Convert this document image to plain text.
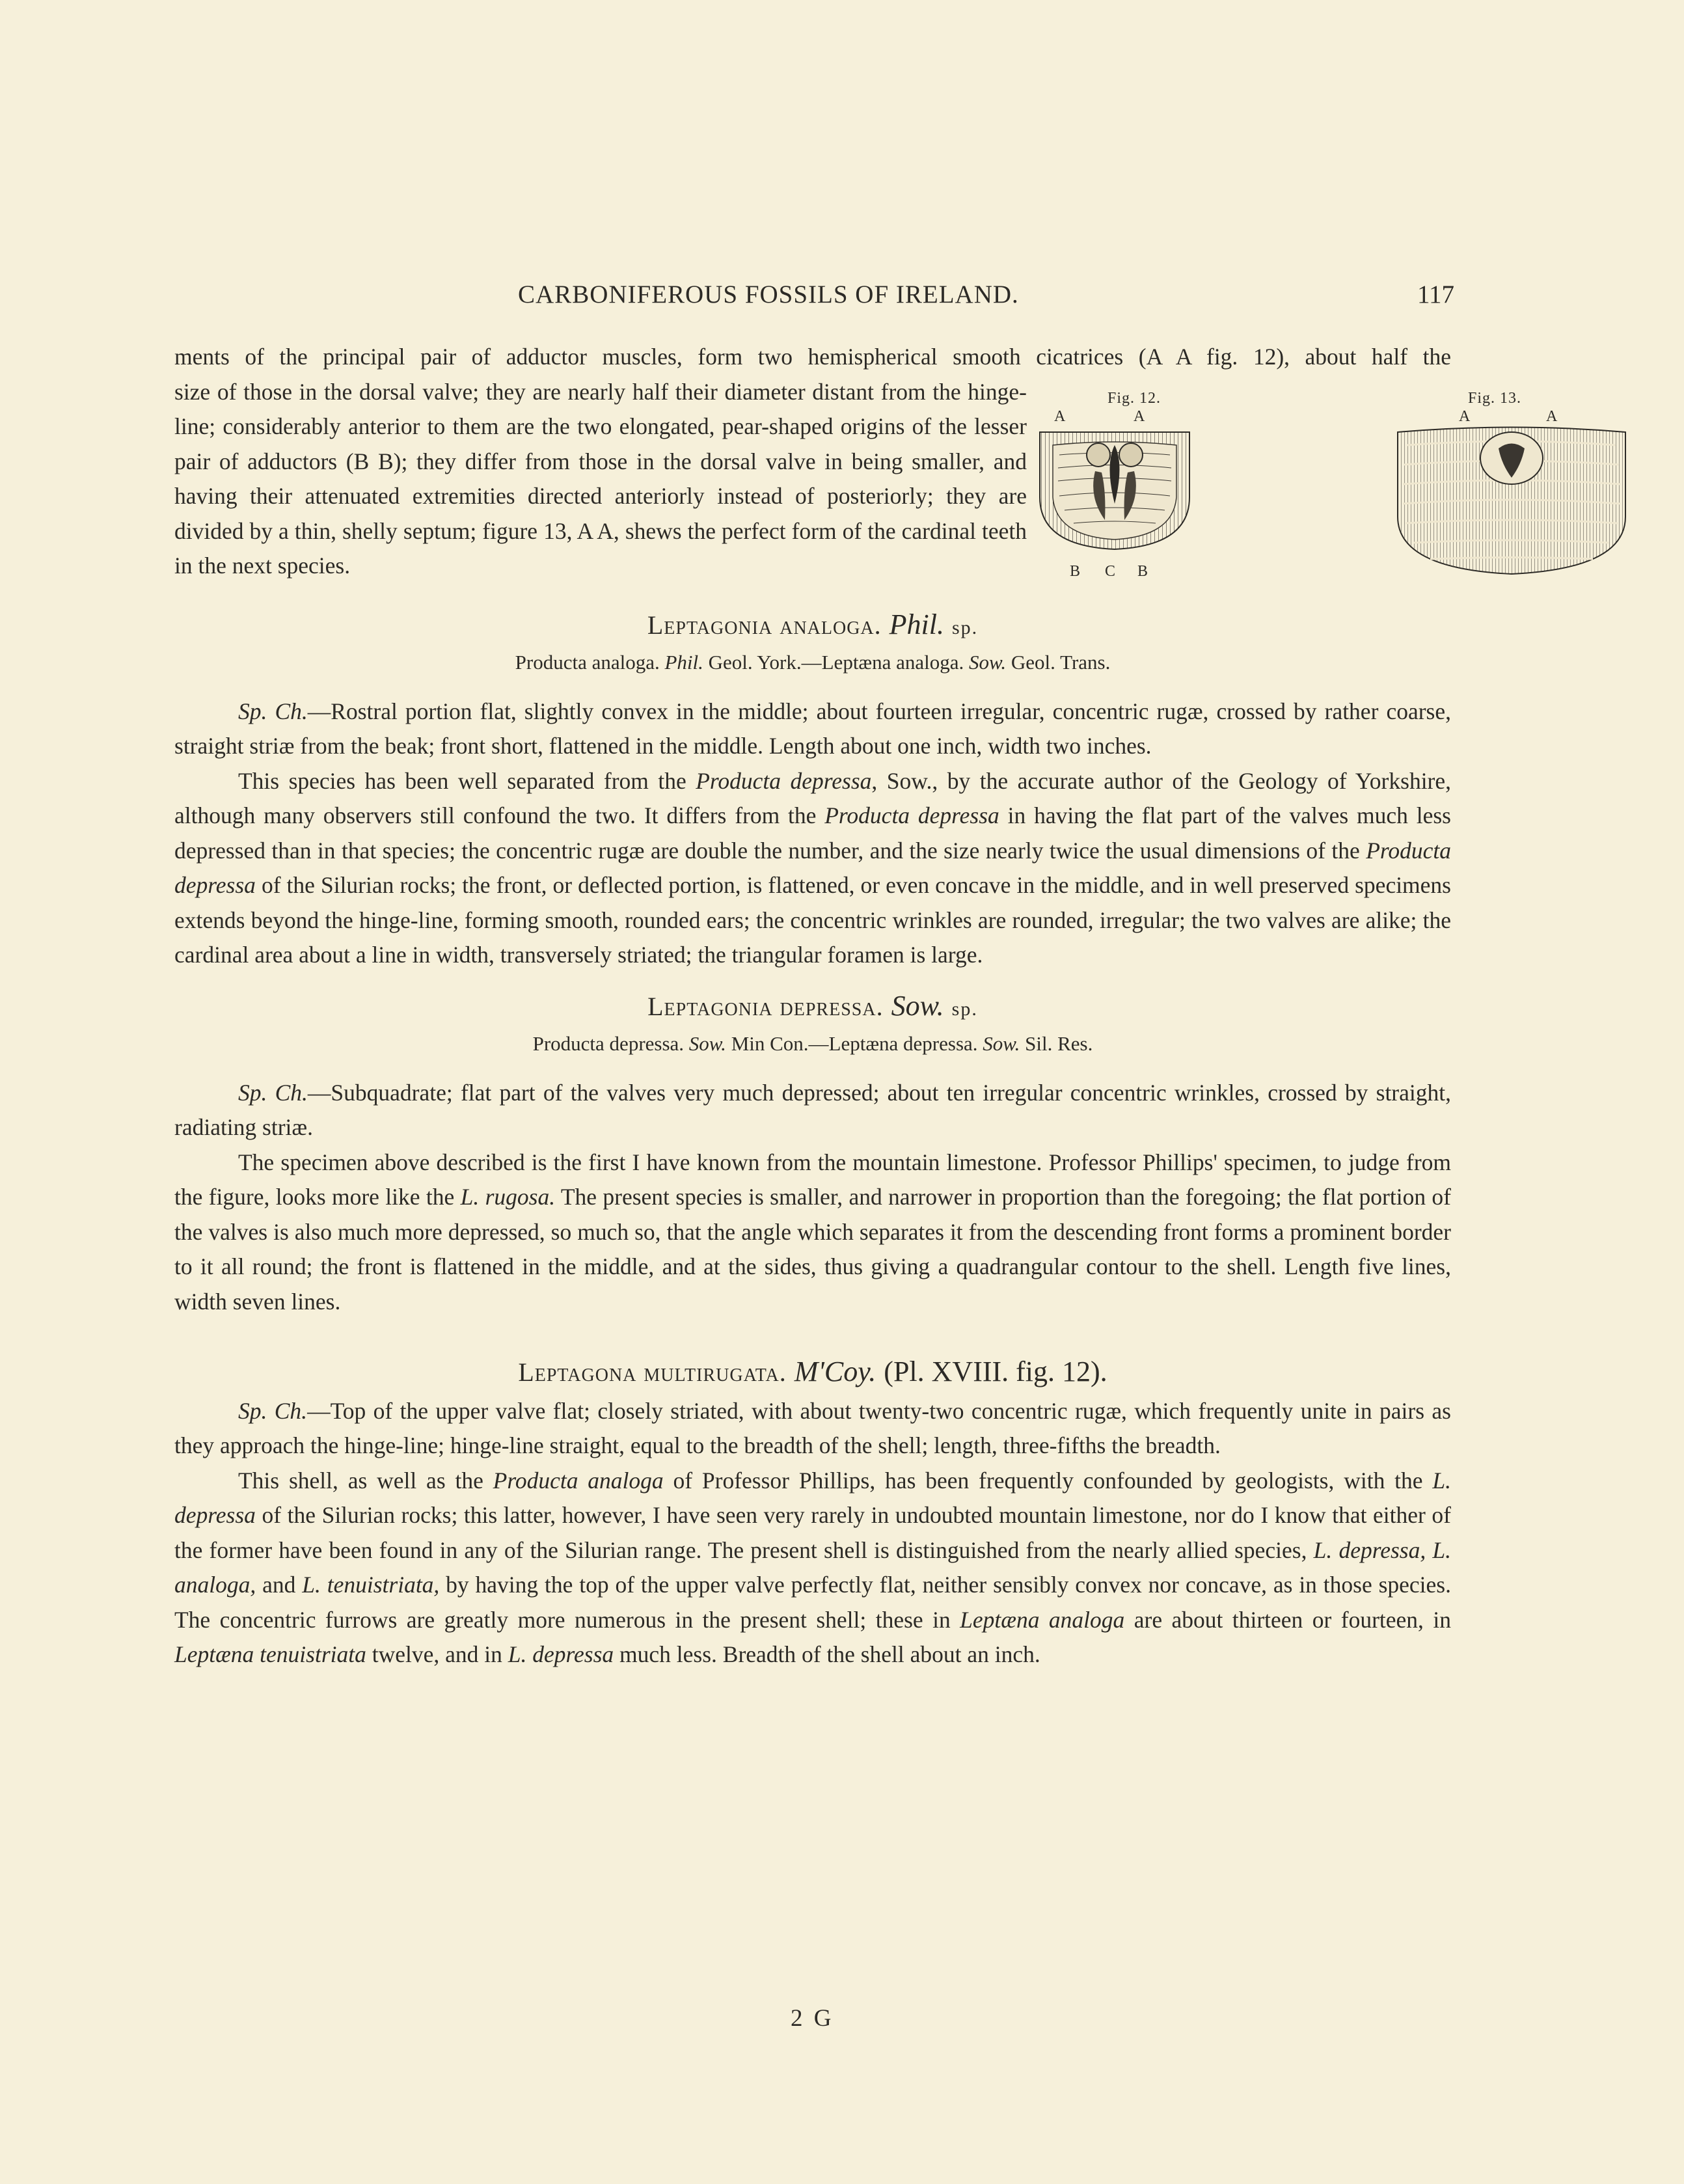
CARBONIFEROUS FOSSILS OF IRELAND.	117

ments of the principal pair of adductor muscles, form two hemispherical smooth cicatrices (A A fig. 12), about half the

size of those in the dorsal valve; they are nearly half their diameter distant from the hinge-line; considerably anterior to them are the two elongated, pear-shaped origins of the lesser pair of adductors (B B); they differ from those in the dorsal valve in being smaller, and having their attenuated extremities directed anteriorly instead of posteriorly; they are divided by a thin, shelly septum; figure 13, A A, shews the perfect form of the cardinal teeth in the next species.

Fig. 12.
A	A
B C B
Fig. 13.
A	A

Leptagonia analoga. Phil. sp.

Producta analoga. Phil. Geol. York.—Leptæna analoga. Sow. Geol. Trans.

Sp. Ch.—Rostral portion flat, slightly convex in the middle; about fourteen irregular, concentric rugæ, crossed by rather coarse, straight striæ from the beak; front short, flattened in the middle. Length about one inch, width two inches.

This species has been well separated from the Producta depressa, Sow., by the accurate author of the Geology of Yorkshire, although many observers still confound the two. It differs from the Producta depressa in having the flat part of the valves much less depressed than in that species; the concentric rugæ are double the number, and the size nearly twice the usual dimensions of the Producta depressa of the Silurian rocks; the front, or deflected portion, is flattened, or even concave in the middle, and in well preserved specimens extends beyond the hinge-line, forming smooth, rounded ears; the concentric wrinkles are rounded, irregular; the two valves are alike; the cardinal area about a line in width, transversely striated; the triangular foramen is large.

Leptagonia depressa. Sow. sp.

Producta depressa. Sow. Min Con.—Leptæna depressa. Sow. Sil. Res.

Sp. Ch.—Subquadrate; flat part of the valves very much depressed; about ten irregular concentric wrinkles, crossed by straight, radiating striæ.

The specimen above described is the first I have known from the mountain limestone. Professor Phillips' specimen, to judge from the figure, looks more like the L. rugosa. The present species is smaller, and narrower in proportion than the foregoing; the flat portion of the valves is also much more depressed, so much so, that the angle which separates it from the descending front forms a prominent border to it all round; the front is flattened in the middle, and at the sides, thus giving a quadrangular contour to the shell. Length five lines, width seven lines.

Leptagona multirugata. M'Coy. (Pl. XVIII. fig. 12).

Sp. Ch.—Top of the upper valve flat; closely striated, with about twenty-two concentric rugæ, which frequently unite in pairs as they approach the hinge-line; hinge-line straight, equal to the breadth of the shell; length, three-fifths the breadth.

This shell, as well as the Producta analoga of Professor Phillips, has been frequently confounded by geologists, with the L. depressa of the Silurian rocks; this latter, however, I have seen very rarely in undoubted mountain limestone, nor do I know that either of the former have been found in any of the Silurian range. The present shell is distinguished from the nearly allied species, L. depressa, L. analoga, and L. tenuistriata, by having the top of the upper valve perfectly flat, neither sensibly convex nor concave, as in those species. The concentric furrows are greatly more numerous in the present shell; these in Leptæna analoga are about thirteen or fourteen, in Leptæna tenuistriata twelve, and in L. depressa much less. Breadth of the shell about an inch.

2 G
